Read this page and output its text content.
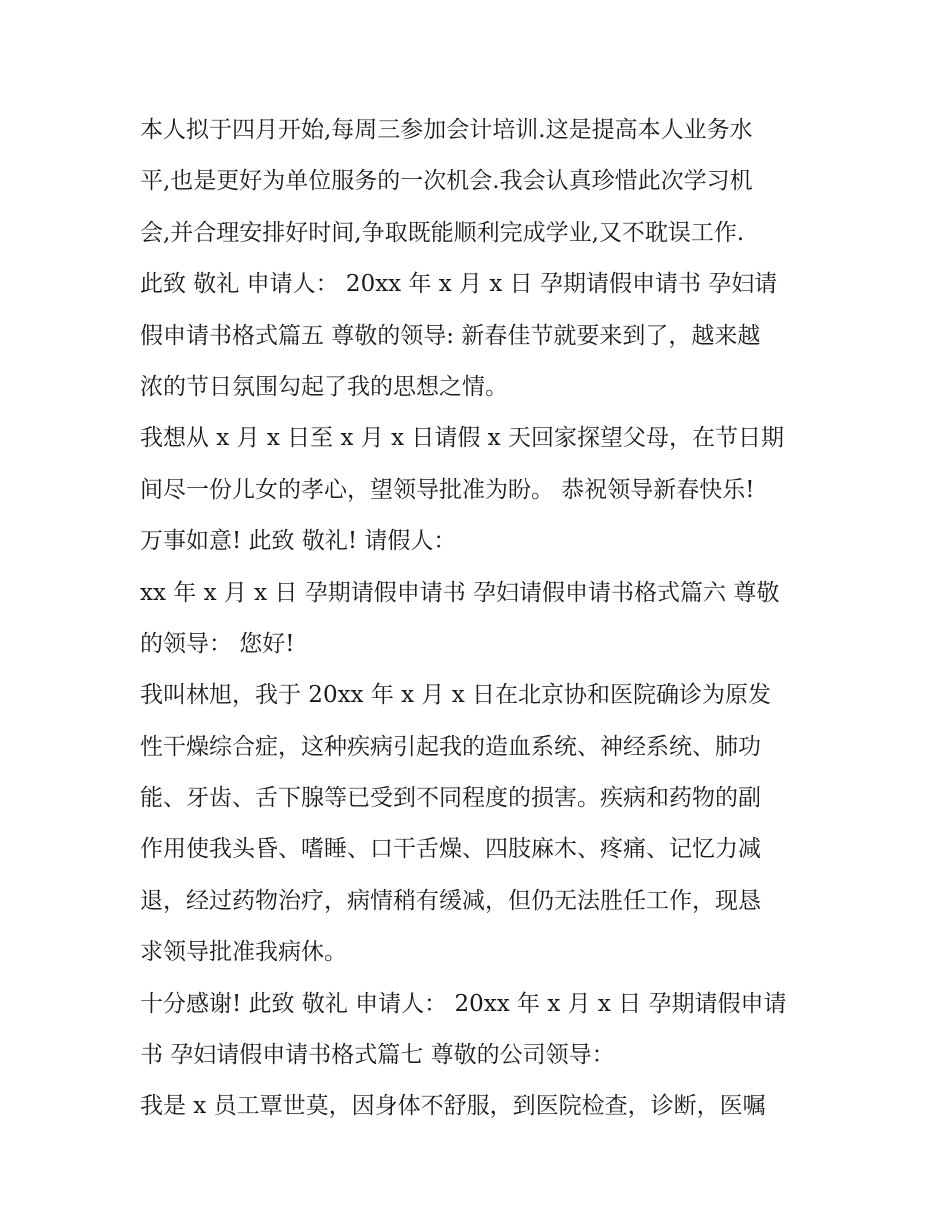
本人拟于四月开始,每周三参加会计培训.这是提高本人业务水
平,也是更好为单位服务的一次机会.我会认真珍惜此次学习机
会,并合理安排好时间,争取既能顺利完成学业,又不耽误工作.
此致 敬礼 申请人： 20xx 年 x 月 x 日 孕期请假申请书 孕妇请
假申请书格式篇五 尊敬的领导: 新春佳节就要来到了，越来越
浓的节日氛围勾起了我的思想之情。
我想从 x 月 x 日至 x 月 x 日请假 x 天回家探望父母，在节日期
间尽一份儿女的孝心，望领导批准为盼。 恭祝领导新春快乐!
万事如意! 此致 敬礼! 请假人：
xx 年 x 月 x 日 孕期请假申请书 孕妇请假申请书格式篇六 尊敬
的领导： 您好!
我叫林旭，我于 20xx 年 x 月 x 日在北京协和医院确诊为原发
性干燥综合症，这种疾病引起我的造血系统、神经系统、肺功
能、牙齿、舌下腺等已受到不同程度的损害。疾病和药物的副
作用使我头昏、嗜睡、口干舌燥、四肢麻木、疼痛、记忆力减
退，经过药物治疗，病情稍有缓减，但仍无法胜任工作，现恳
求领导批准我病休。
十分感谢! 此致 敬礼 申请人： 20xx 年 x 月 x 日 孕期请假申请
书 孕妇请假申请书格式篇七 尊敬的公司领导：
我是 x 员工覃世莫，因身体不舒服，到医院检查，诊断，医嘱
